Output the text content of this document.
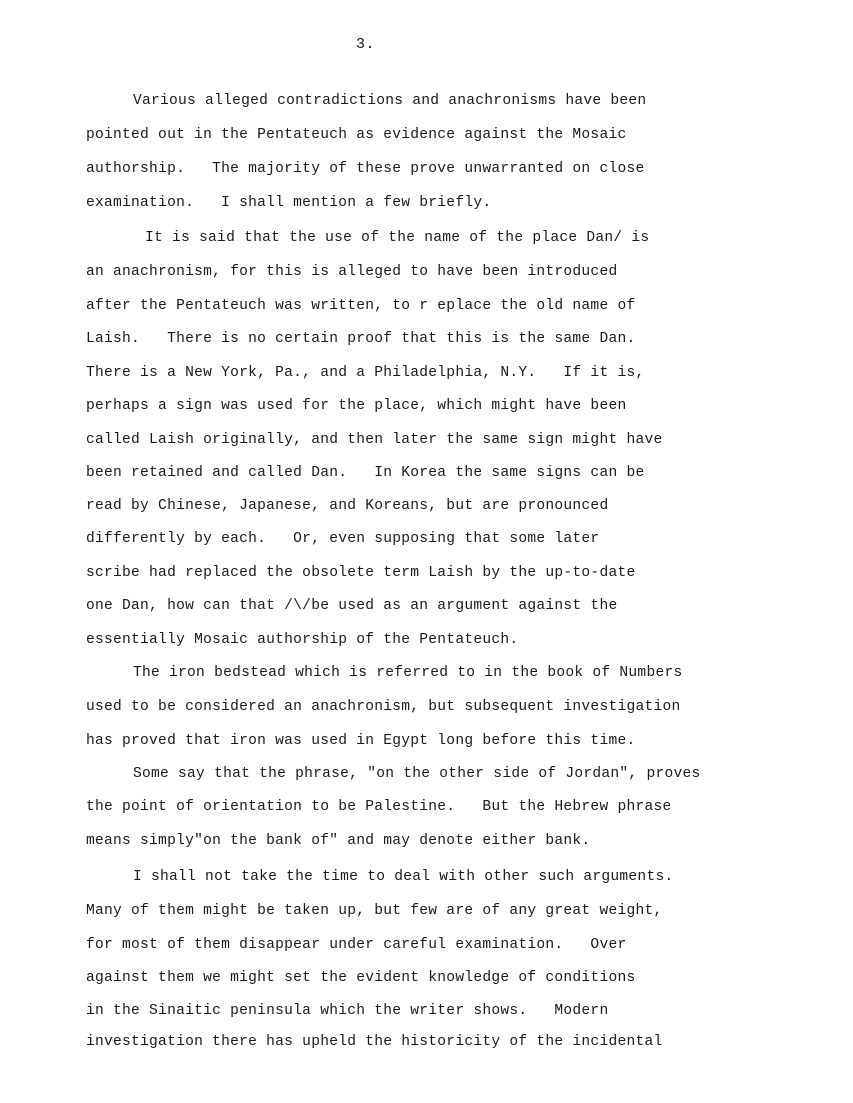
3.
Various alleged contradictions and anachronisms have been
pointed out in the Pentateuch as evidence against the Mosaic
authorship.   The majority of these prove unwarranted on close
examination.   I shall mention a few briefly.
It is said that the use of the name of the place Dan/ is
an anachronism, for this is alleged to have been introduced
after the Pentateuch was written, to r eplace the old name of
Laish.   There is no certain proof that this is the same Dan.
There is a New York, Pa., and a Philadelphia, N.Y.   If it is,
perhaps a sign was used for the place, which might have been
called Laish originally, and then later the same sign might have
been retained and called Dan.   In Korea the same signs can be
read by Chinese, Japanese, and Koreans, but are pronounced
differently by each.   Or, even supposing that some later
scribe had replaced the obsolete term Laish by the up-to-date
one Dan, how can that /\/be used as an argument against the
essentially Mosaic authorship of the Pentateuch.
The iron bedstead which is referred to in the book of Numbers
used to be considered an anachronism, but subsequent investigation
has proved that iron was used in Egypt long before this time.
Some say that the phrase, "on the other side of Jordan", proves
the point of orientation to be Palestine.   But the Hebrew phrase
means simply"on the bank of" and may denote either bank.
I shall not take the time to deal with other such arguments.
Many of them might be taken up, but few are of any great weight,
for most of them disappear under careful examination.   Over
against them we might set the evident knowledge of conditions
in the Sinaitic peninsula which the writer shows.   Modern
investigation there has upheld the historicity of the incidental
